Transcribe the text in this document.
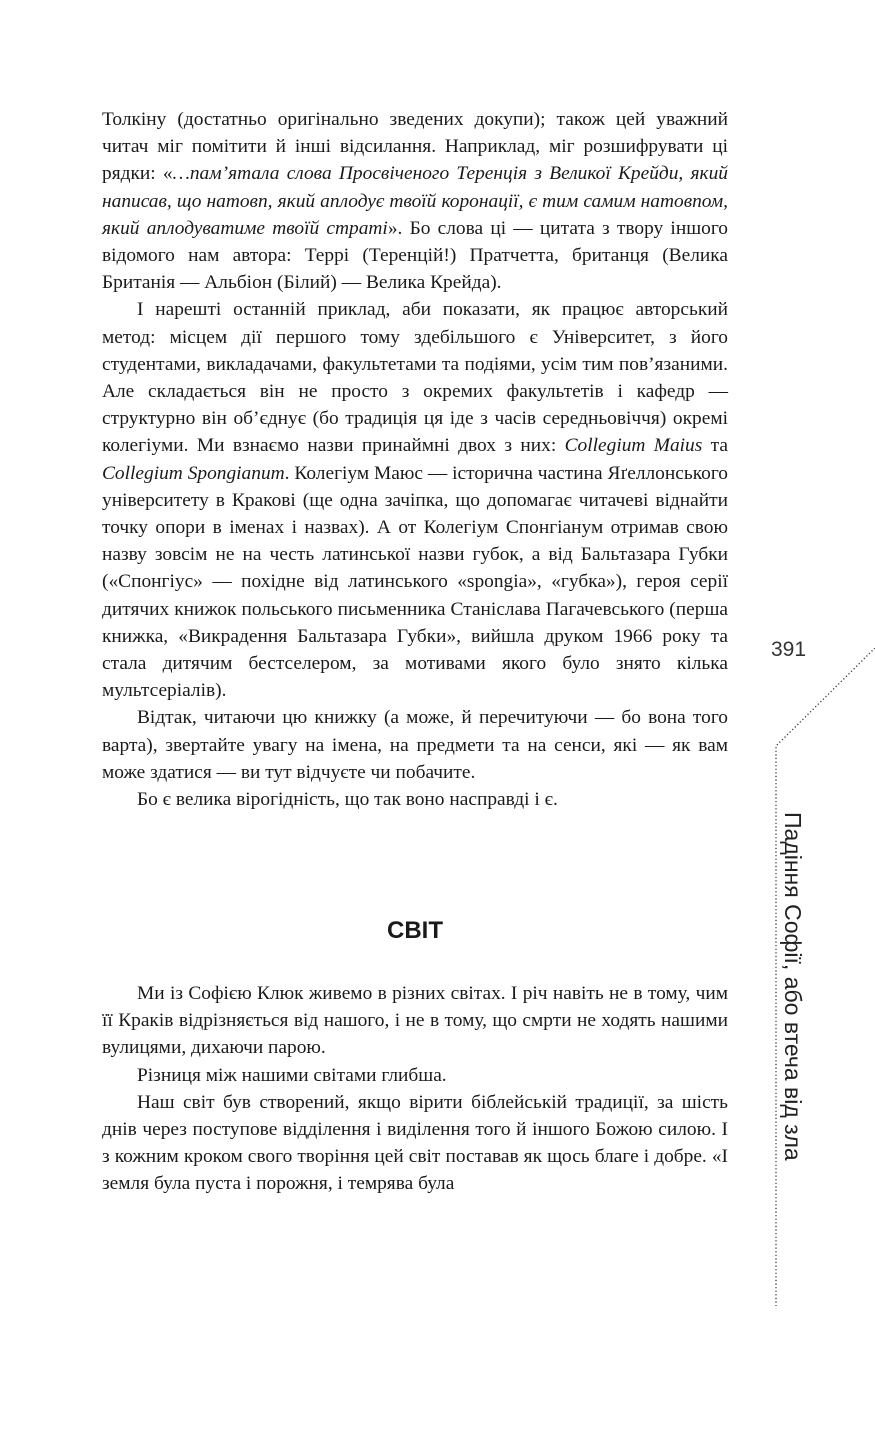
Толкіну (достатньо оригінально зведених докупи); також цей уважний читач міг помітити й інші відсилання. Наприклад, міг розшифрувати ці рядки: «…пам’ятала слова Просвіченого Теренція з Великої Крейди, який написав, що натовп, який аплодує твоїй коронації, є тим самим натовпом, який аплодуватиме твоїй страті». Бо слова ці — цитата з твору іншого відомого нам автора: Террі (Теренцій!) Пратчетта, британця (Велика Британія — Альбіон (Білий) — Велика Крейда).

І нарешті останній приклад, аби показати, як працює авторський метод: місцем дії першого тому здебільшого є Університет, з його студентами, викладачами, факультетами та подіями, усім тим пов’язаними. Але складається він не просто з окремих факультетів і кафедр — структурно він об’єднує (бо традиція ця іде з часів середньовіччя) окремі колегіуми. Ми взнаємо назви принаймні двох з них: Collegium Maius та Collegium Spongianum. Колегіум Маюс — історична частина Яґеллонського університету в Кракові (ще одна зачіпка, що допомагає читачеві віднайти точку опори в іменах і назвах). А от Колегіум Спонгіанум отримав свою назву зовсім не на честь латинської назви губок, а від Бальтазара Губки («Спонгіус» — похідне від латинського «spongia», «губка»), героя серії дитячих книжок польського письменника Станіслава Пагачевського (перша книжка, «Викрадення Бальтазара Губки», вийшла друком 1966 року та стала дитячим бестселером, за мотивами якого було знято кілька мультсеріалів).

Відтак, читаючи цю книжку (а може, й перечитуючи — бо вона того варта), звертайте увагу на імена, на предмети та на сенси, які — як вам може здатися — ви тут відчуєте чи побачите.

Бо є велика вірогідність, що так воно насправді і є.

СВІТ

Ми із Софією Клюк живемо в різних світах. І річ навіть не в тому, чим її Краків відрізняється від нашого, і не в тому, що смрти не ходять нашими вулицями, дихаючи парою.

Різниця між нашими світами глибша.

Наш світ був створений, якщо вірити біблейській традиції, за шість днів через поступове відділення і виділення того й іншого Божою силою. І з кожним кроком свого творіння цей світ поставав як щось благе і добре. «І земля була пуста і порожня, і темрява була

391
Падіння Софії, або втеча від зла
